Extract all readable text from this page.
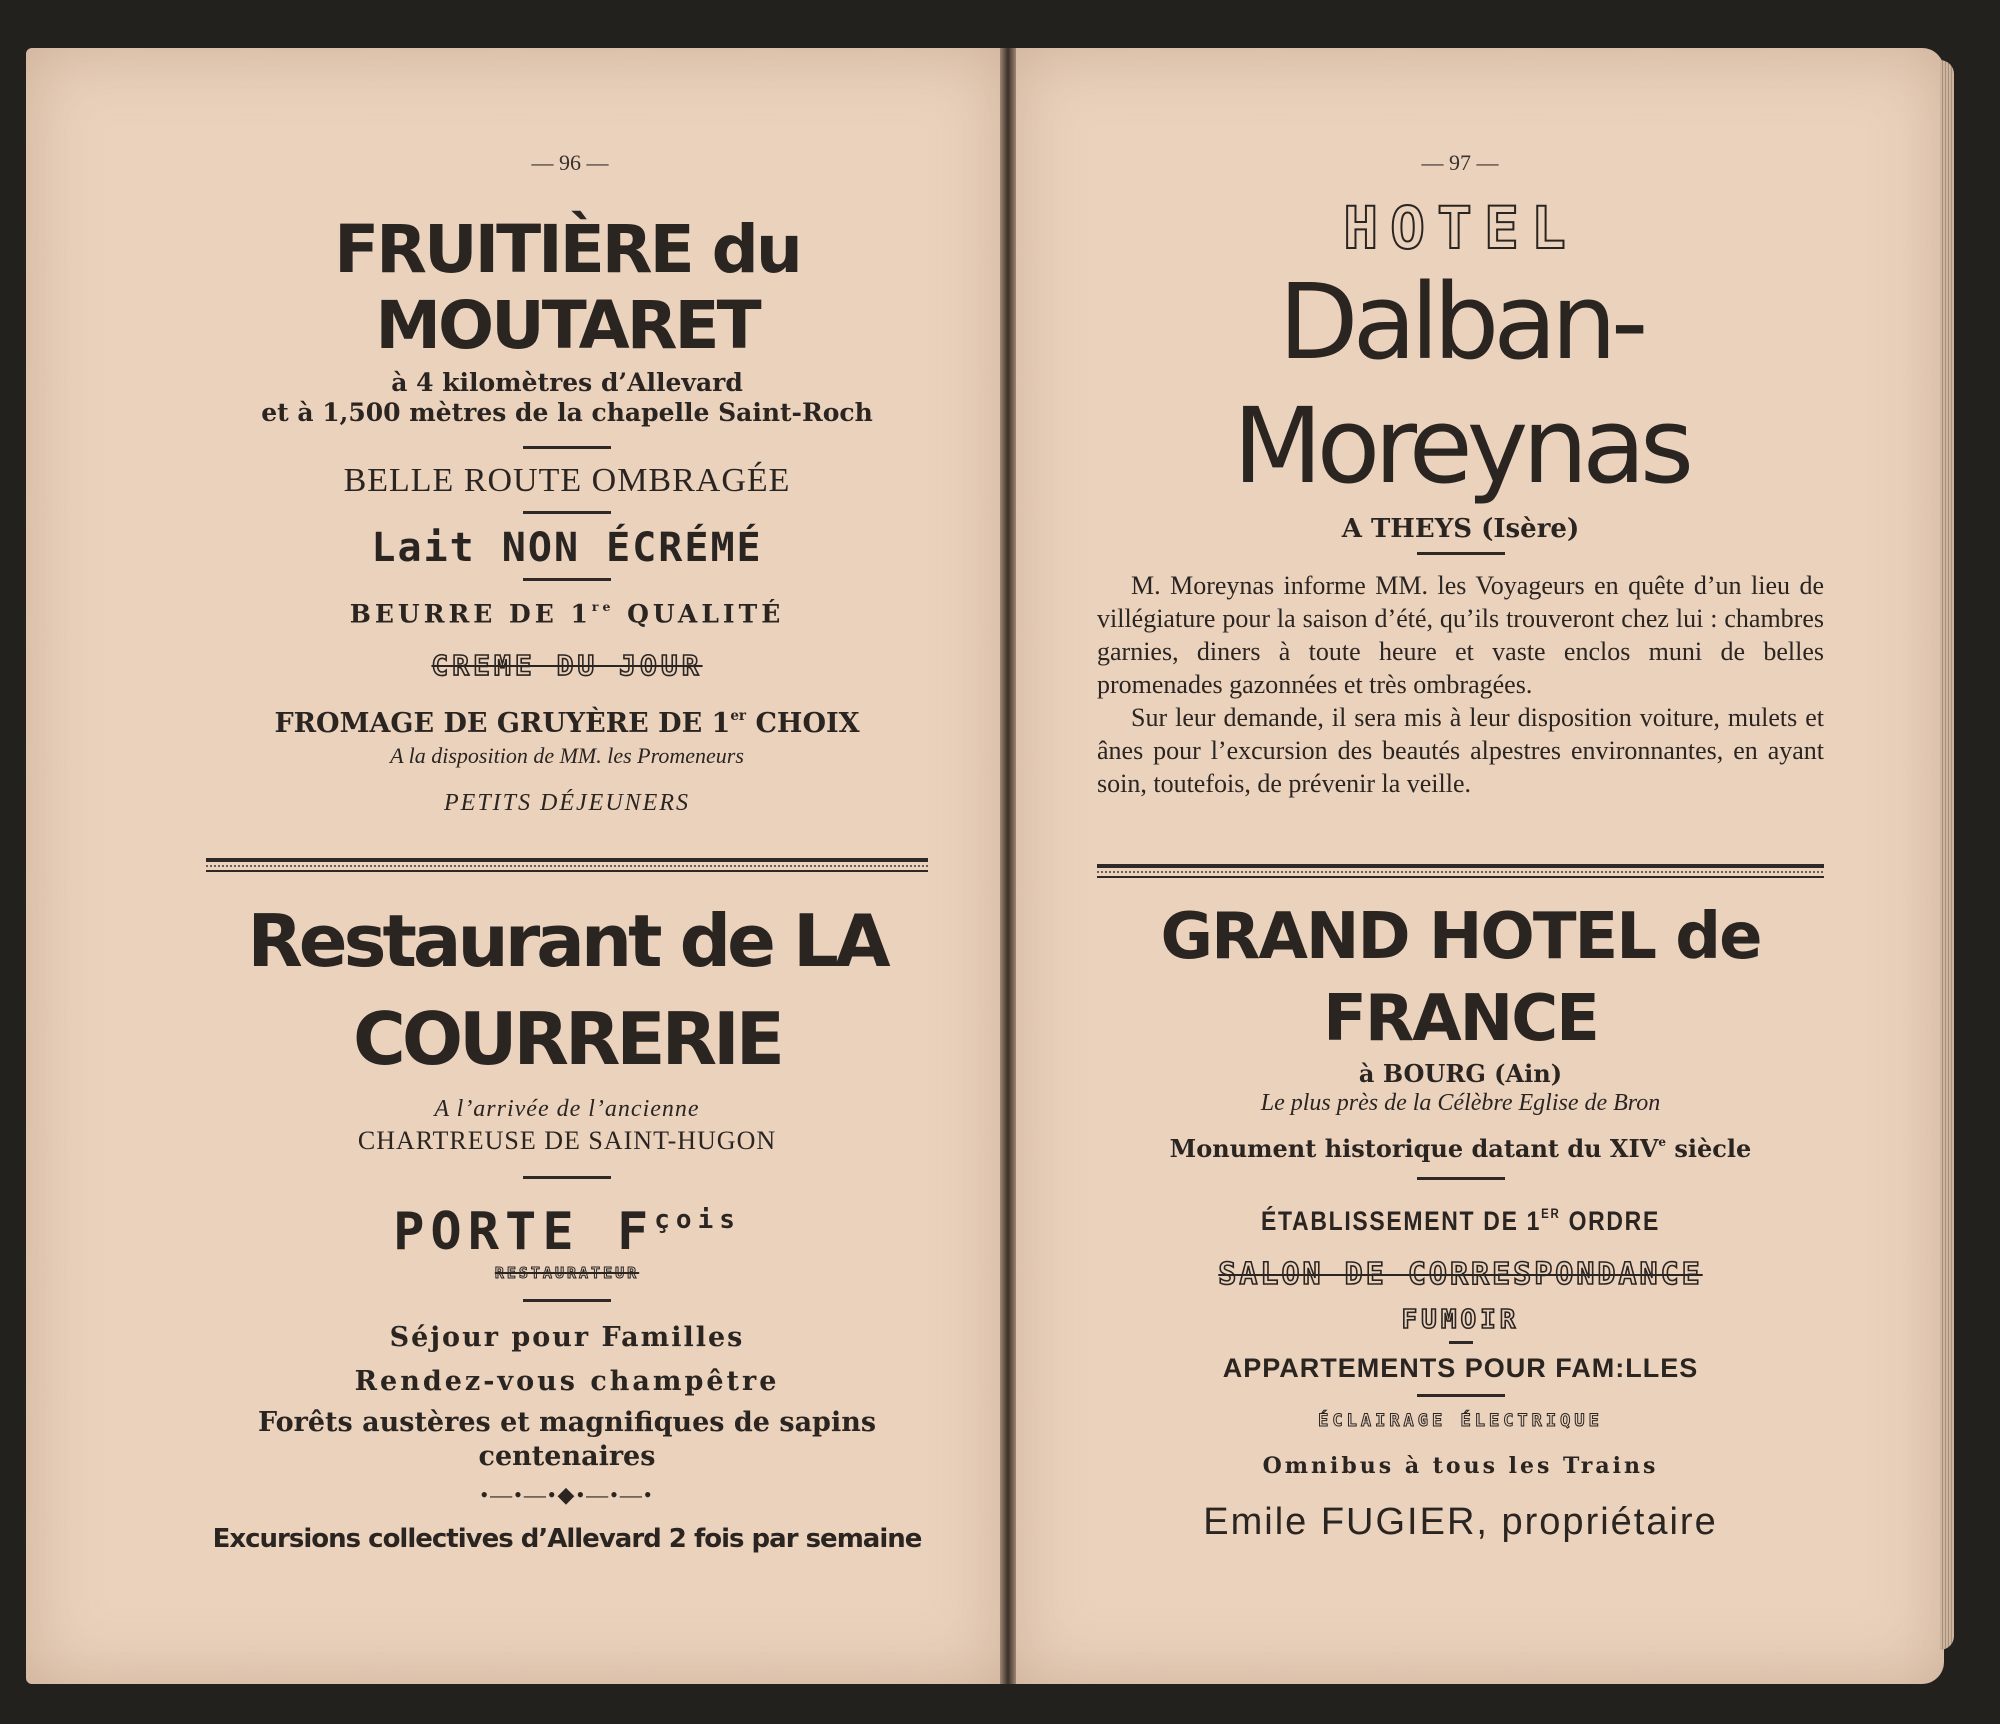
— 96 —
FRUITIÈRE du MOUTARET
à 4 kilomètres d’Allevard
et à 1,500 mètres de la chapelle Saint-Roch
BELLE ROUTE OMBRAGÉE
Lait NON ÉCRÉMÉ
BEURRE DE 1re QUALITÉ
CREME DU JOUR
FROMAGE DE GRUYÈRE DE 1er CHOIX
A la disposition de MM. les Promeneurs
PETITS DÉJEUNERS
Restaurant de LA COURRERIE
A l’arrivée de l’ancienne
CHARTREUSE DE SAINT-HUGON
PORTE $F^{çois}$
RESTAURATEUR
Séjour pour Familles
Rendez-vous champêtre
Forêts austères et magnifiques de sapins centenaires
•―•―•◆•―•―•
Excursions collectives d’Allevard 2 fois par semaine
— 97 —
HOTEL
Dalban-Moreynas
A THEYS (Isère)

M. Moreynas informe MM. les Voyageurs en quête d’un lieu de villégiature pour la saison d’été, qu’ils trouveront chez lui : chambres garnies, diners à toute heure et vaste enclos muni de belles promenades gazonnées et très ombragées.

Sur leur demande, il sera mis à leur disposition voiture, mulets et ânes pour l’excursion des beautés alpestres environnantes, en ayant soin, toutefois, de prévenir la veille.

GRAND HOTEL de FRANCE
à BOURG (Ain)
Le plus près de la Célèbre Eglise de Bron
Monument historique datant du XIVe siècle
ÉTABLISSEMENT DE 1ER ORDRE
SALON DE CORRESPONDANCE
FUMOIR
APPARTEMENTS POUR FAM:LLES
ÉCLAIRAGE ÉLECTRIQUE
Omnibus à tous les Trains
Emile FUGIER, propriétaire
